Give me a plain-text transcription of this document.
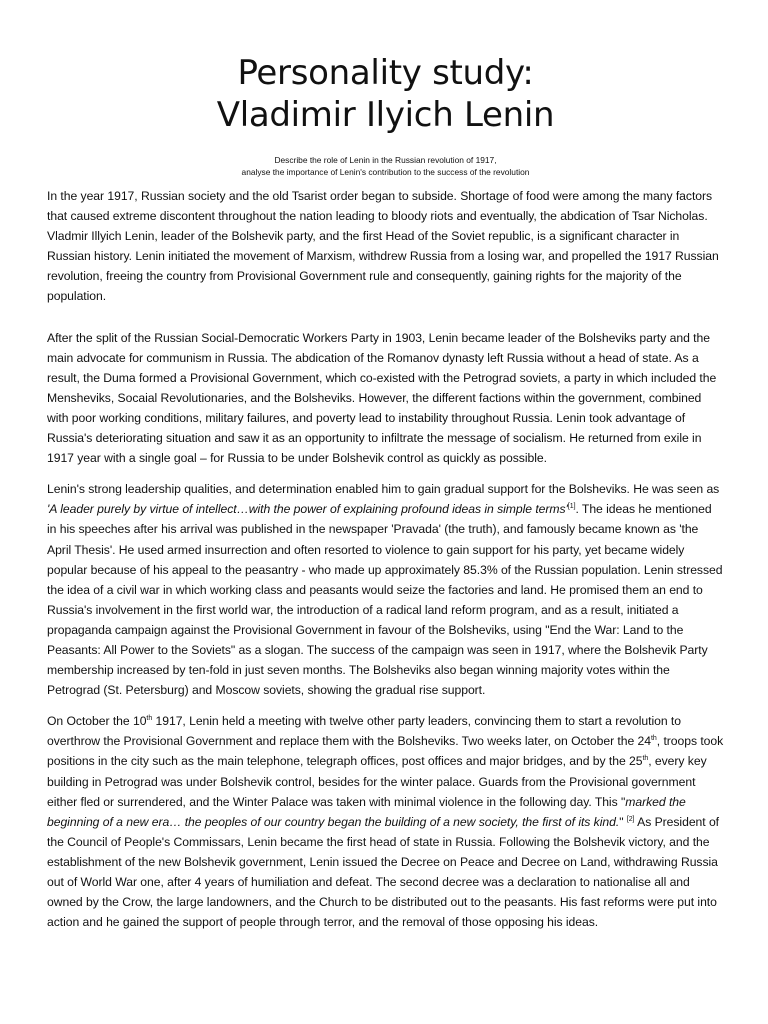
Personality study:
Vladimir Ilyich Lenin
Describe the role of Lenin in the Russian revolution of 1917,
analyse the importance of Lenin's contribution to the success of the revolution

In the year 1917, Russian society and the old Tsarist order began to subside. Shortage of food were among the many factors that caused extreme discontent throughout the nation leading to bloody riots and eventually, the abdication of Tsar Nicholas. Vladmir Illyich Lenin, leader of the Bolshevik party, and the first Head of the Soviet republic, is a significant character in Russian history. Lenin initiated the movement of Marxism, withdrew Russia from a losing war, and propelled the 1917 Russian revolution, freeing the country from Provisional Government rule and consequently, gaining rights for the majority of the population.

After the split of the Russian Social-Democratic Workers Party in 1903, Lenin became leader of the Bolsheviks party and the main advocate for communism in Russia. The abdication of the Romanov dynasty left Russia without a head of state. As a result, the Duma formed a Provisional Government, which co-existed with the Petrograd soviets, a party in which included the Mensheviks, Socaial Revolutionaries, and the Bolsheviks. However, the different factions within the government, combined with poor working conditions, military failures, and poverty lead to instability throughout Russia. Lenin took advantage of Russia's deteriorating situation and saw it as an opportunity to infiltrate the message of socialism. He returned from exile in 1917 year with a single goal – for Russia to be under Bolshevik control as quickly as possible.

Lenin's strong leadership qualities, and determination enabled him to gain gradual support for the Bolsheviks. He was seen as 'A leader purely by virtue of intellect…with the power of explaining profound ideas in simple terms'[1]. The ideas he mentioned in his speeches after his arrival was published in the newspaper 'Pravada' (the truth), and famously became known as 'the April Thesis'. He used armed insurrection and often resorted to violence to gain support for his party, yet became widely popular because of his appeal to the peasantry - who made up approximately 85.3% of the Russian population. Lenin stressed the idea of a civil war in which working class and peasants would seize the factories and land. He promised them an end to Russia's involvement in the first world war, the introduction of a radical land reform program, and as a result, initiated a propaganda campaign against the Provisional Government in favour of the Bolsheviks, using "End the War: Land to the Peasants: All Power to the Soviets" as a slogan. The success of the campaign was seen in 1917, where the Bolshevik Party membership increased by ten-fold in just seven months. The Bolsheviks also began winning majority votes within the Petrograd (St. Petersburg) and Moscow soviets, showing the gradual rise support.

On October the 10th 1917, Lenin held a meeting with twelve other party leaders, convincing them to start a revolution to overthrow the Provisional Government and replace them with the Bolsheviks. Two weeks later, on October the 24th, troops took positions in the city such as the main telephone, telegraph offices, post offices and major bridges, and by the 25th, every key building in Petrograd was under Bolshevik control, besides for the winter palace. Guards from the Provisional government either fled or surrendered, and the Winter Palace was taken with minimal violence in the following day. This "marked the beginning of a new era… the peoples of our country began the building of a new society, the first of its kind." [2] As President of the Council of People's Commissars, Lenin became the first head of state in Russia. Following the Bolshevik victory, and the establishment of the new Bolshevik government, Lenin issued the Decree on Peace and Decree on Land, withdrawing Russia out of World War one, after 4 years of humiliation and defeat. The second decree was a declaration to nationalise all and owned by the Crow, the large landowners, and the Church to be distributed out to the peasants. His fast reforms were put into action and he gained the support of people through terror, and the removal of those opposing his ideas.
